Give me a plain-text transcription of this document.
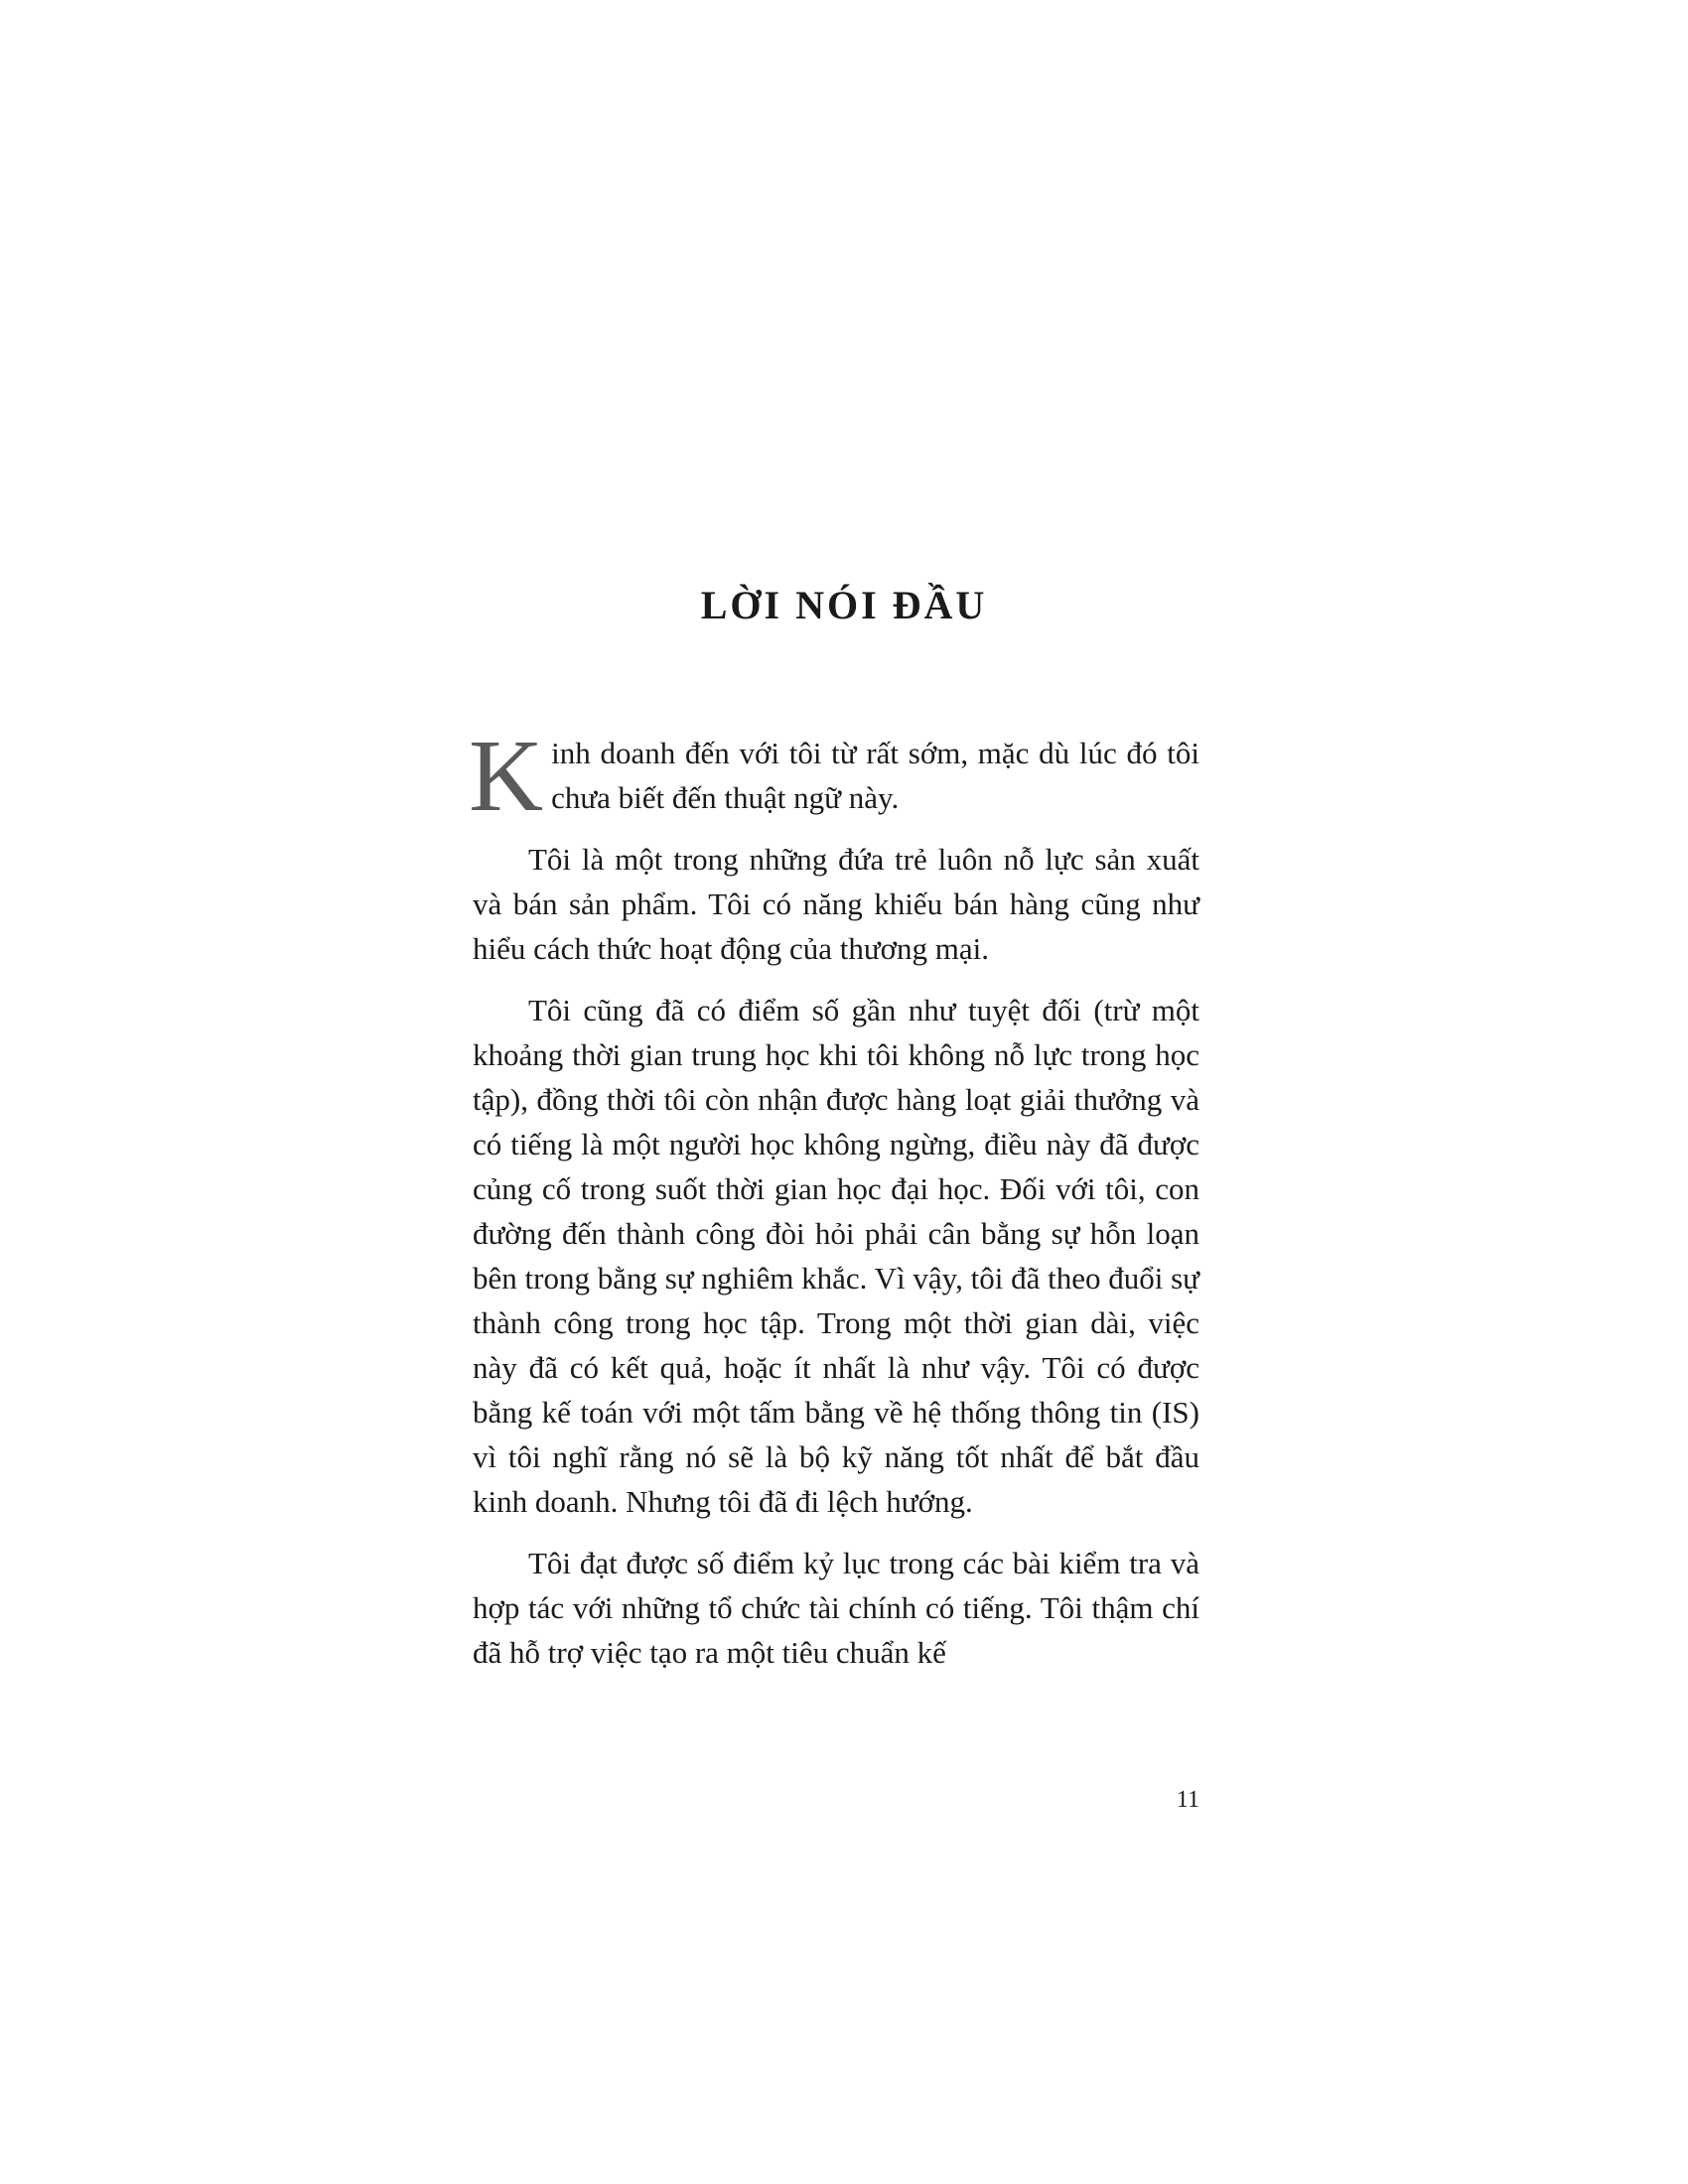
LỜI NÓI ĐẦU

Kinh doanh đến với tôi từ rất sớm, mặc dù lúc đó tôi chưa biết đến thuật ngữ này.

Tôi là một trong những đứa trẻ luôn nỗ lực sản xuất và bán sản phẩm. Tôi có năng khiếu bán hàng cũng như hiểu cách thức hoạt động của thương mại.

Tôi cũng đã có điểm số gần như tuyệt đối (trừ một khoảng thời gian trung học khi tôi không nỗ lực trong học tập), đồng thời tôi còn nhận được hàng loạt giải thưởng và có tiếng là một người học không ngừng, điều này đã được củng cố trong suốt thời gian học đại học. Đối với tôi, con đường đến thành công đòi hỏi phải cân bằng sự hỗn loạn bên trong bằng sự nghiêm khắc. Vì vậy, tôi đã theo đuổi sự thành công trong học tập. Trong một thời gian dài, việc này đã có kết quả, hoặc ít nhất là như vậy. Tôi có được bằng kế toán với một tấm bằng về hệ thống thông tin (IS) vì tôi nghĩ rằng nó sẽ là bộ kỹ năng tốt nhất để bắt đầu kinh doanh. Nhưng tôi đã đi lệch hướng.

Tôi đạt được số điểm kỷ lục trong các bài kiểm tra và hợp tác với những tổ chức tài chính có tiếng. Tôi thậm chí đã hỗ trợ việc tạo ra một tiêu chuẩn kế

11
